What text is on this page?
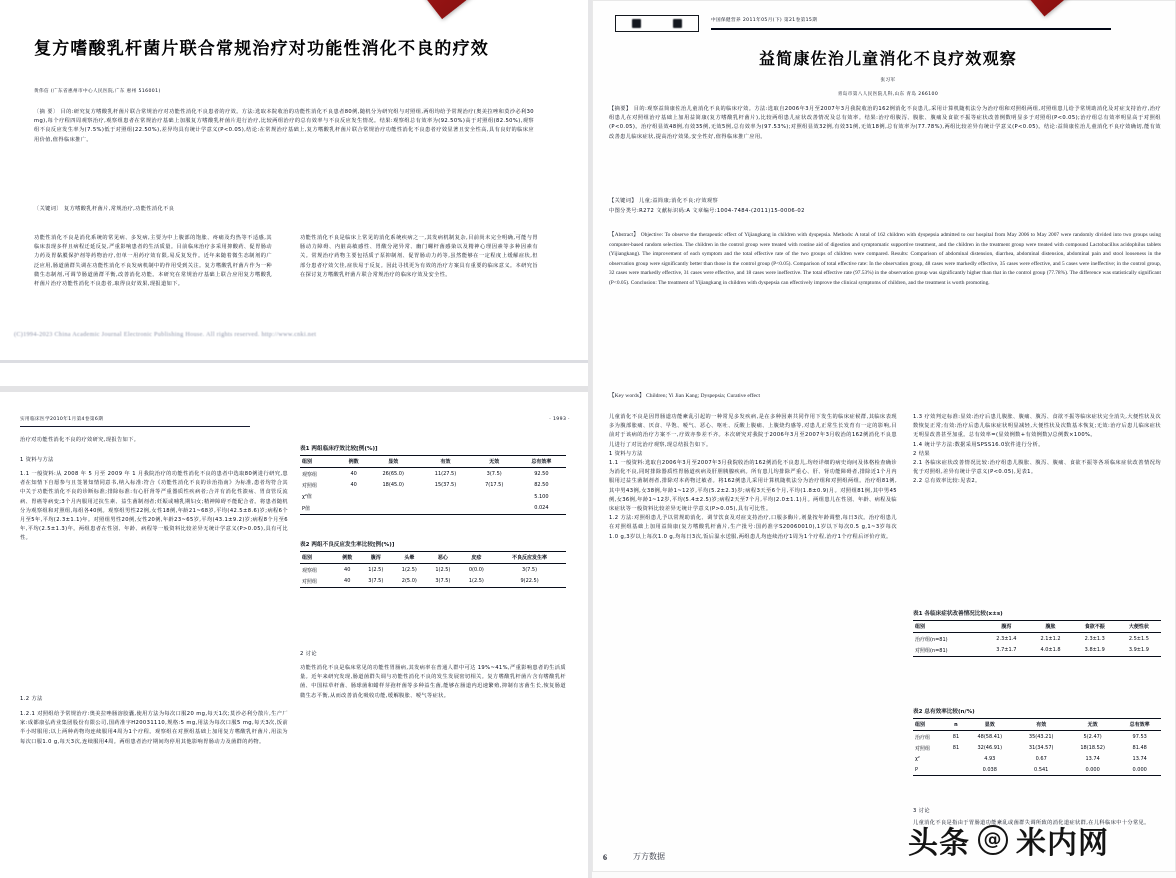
复方嗜酸乳杆菌片联合常规治疗对功能性消化不良的疗效
黄伟信 (广东省惠州市中心人民医院,广东 惠州 516001)
〔摘 要〕 目的:研究复方嗜酸乳杆菌片联合常规治疗对功能性消化不良患者的疗效。方法:选取本院收治的功能性消化不良患者80例,随机分为研究组与对照组,两组均给予常规治疗(奥美拉唑和莫沙必利30 mg),每个疗程四周观察治疗,观察组患者在常规治疗基础上加服复方嗜酸乳杆菌片进行治疗,比较两组治疗的总有效率与不良反应发生情况。结果:观察组总有效率为(92.50%)高于对照组(82.50%),观察组不良反应发生率为(7.5%)低于对照组(22.50%),差异均具有统计学意义(P<0.05),结论:在常规治疗基础上,复方嗜酸乳杆菌片联合常规治疗功能性消化不良患者疗效显著且安全性高,具有良好的临床应用价值,值得临床推广。
〔关键词〕 复方嗜酸乳杆菌片,常规治疗,功能性消化不良
功能性消化不良是消化系统的常见病、多发病,主要为中上腹部的饱胀、疼痛及灼热等不适感,其临床表现多样且病程迁延反复,严重影响患者的生活质量。目前临床治疗多采用抑酸药、促胃肠动力药及胃黏膜保护剂等药物治疗,但单一用药疗效有限,易反复发作。近年来随着微生态制剂的广泛应用,肠道菌群失调在功能性消化不良发病机制中的作用受到关注。复方嗜酸乳杆菌片作为一种微生态制剂,可调节肠道菌群平衡,改善消化功能。本研究在常规治疗基础上联合应用复方嗜酸乳杆菌片治疗功能性消化不良患者,取得良好效果,现报道如下。
功能性消化不良是临床上常见的消化系统疾病之一,其发病机制复杂,目前尚未完全明确,可能与胃肠动力障碍、内脏高敏感性、胃酸分泌异常、幽门螺杆菌感染以及精神心理因素等多种因素有关。常规治疗药物主要包括质子泵抑制剂、促胃肠动力药等,虽然能够在一定程度上缓解症状,但部分患者疗效欠佳,症状易于反复。因此寻找更为有效的治疗方案具有重要的临床意义。本研究旨在探讨复方嗜酸乳杆菌片联合常规治疗的临床疗效及安全性。
(C)1994-2023 China Academic Journal Electronic Publishing House. All rights reserved. http://www.cnki.net
实用临床医学2010年1月第4卷第6期	· 1993 ·
治疗对功能性消化不良的疗效研究,现报告如下。
1 资料与方法
1.1 一般资料:从 2008 年 5 月至 2009 年 1 月我院治疗的功能性消化不良的患者中选取80例进行研究,患者在知情下自愿参与且签署知情同意书,纳入标准:符合《功能性消化不良的诊治指南》为标准,患者均符合其中关于功能性消化不良的诊断标准;排除标准:有心肝肾等严重器质性疾病者;合并有消化性溃疡、胃食管反流病、胃癌等病变;3个月内服用过抗生素、益生菌制剂者;妊娠或哺乳期妇女;精神障碍不能配合者。将患者随机分为观察组和对照组,每组各40例。观察组男性22例,女性18例,年龄21~68岁,平均(42.5±8.6)岁;病程6个月至5年,平均(2.3±1.1)年。对照组男性20例,女性20例,年龄23~65岁,平均(43.1±9.2)岁;病程8个月至6年,平均(2.5±1.3)年。两组患者在性别、年龄、病程等一般资料比较差异无统计学意义(P>0.05),具有可比性。
1.2 方法
1.2.1 对照组给予常规治疗:奥美拉唑肠溶胶囊,使用方法为每次口服20 mg,每天1次;莫沙必利分散片,生产厂家:成都康弘药业集团股份有限公司,国药准字H20031110,规格:5 mg,用法为每次口服5 mg,每天3次,饭前半小时服用;以上两种药物均连续服用4周为1个疗程。观察组在对照组基础上加用复方嗜酸乳杆菌片,用法为每次口服1.0 g,每天3次,连续服用4周。两组患者治疗期间均停用其他影响胃肠动力及菌群的药物。
表1 两组临床疗效比较[例(%)]
组别	例数	显效	有效	无效	总有效率
观察组	40	26(65.0)	11(27.5)	3(7.5)	92.50
对照组	40	18(45.0)	15(37.5)	7(17.5)	82.50
χ²值					5.100
P值					0.024
表2 两组不良反应发生率比较[例(%)]
组别	例数	腹泻	头晕	恶心	皮疹	不良反应发生率
观察组	40	1(2.5)	1(2.5)	1(2.5)	0(0.0)	3(7.5)
对照组	40	3(7.5)	2(5.0)	3(7.5)	1(2.5)	9(22.5)
2 讨论
功能性消化不良是临床常见的功能性胃肠病,其发病率在普通人群中可达 19%~41%,严重影响患者的生活质量。近年来研究发现,肠道菌群失调与功能性消化不良的发生发展密切相关。复方嗜酸乳杆菌片含有嗜酸乳杆菌、中国枯草杆菌、肠球菌和蜡样芽孢杆菌等多种益生菌,能够在肠道内迅速繁殖,抑制有害菌生长,恢复肠道微生态平衡,从而改善消化吸收功能,缓解腹胀、嗳气等症状。
中国保健营养 2011年05月(下) 第21卷第15期
益简康佐治儿童消化不良疗效观察
张习军
青岛市第八人民医院儿科,山东 青岛 266100
【摘要】 目的:观察益简康佐治儿童消化不良的临床疗效。方法:选取自2006年3月至2007年3月我院收治的162例消化不良患儿,采用计算机随机法分为治疗组和对照组两组,对照组患儿给予常规助消化及对症支持治疗,治疗组患儿在对照组治疗基础上加用益简康(复方嗜酸乳杆菌片),比较两组患儿症状改善情况及总有效率。结果:治疗组腹泻、腹胀、腹痛及食欲不振等症状改善例数明显多于对照组(P<0.05);治疗组总有效率明显高于对照组(P<0.05)。治疗组显效48例,有效35例,无效5例,总有效率为(97.53%);对照组显效32例,有效31例,无效18例,总有效率为(77.78%),两组比较差异有统计学意义(P<0.05)。结论:益简康佐治儿童消化不良疗效确切,能有效改善患儿临床症状,提高治疗效果,安全性好,值得临床推广应用。
【关键词】 儿童;益简康;消化不良;疗效观察
中图分类号:R272 文献标识码:A 文章编号:1004-7484-(2011)15-0006-02
【Abstract】 Objective: To observe the therapeutic effect of Yijiangkang in children with dyspepsia. Methods: A total of 162 children with dyspepsia admitted to our hospital from May 2006 to May 2007 were randomly divided into two groups using computer-based random selection. The children in the control group were treated with routine aid of digestion and symptomatic supportive treatment, and the children in the treatment group were treated with compound Lactobacillus acidophilus tablets (Yijiangkang). The improvement of each symptom and the total effective rate of the two groups of children were compared. Results: Comparison of abdominal distension, diarrhea, abdominal distension, abdominal pain and stool looseness in the observation group were significantly better than those in the control group (P<0.05). Comparison of total effective rate: In the observation group, 48 cases were markedly effective, 35 cases were effective, and 5 cases were ineffective; in the control group, 32 cases were markedly effective, 31 cases were effective, and 18 cases were ineffective. The total effective rate (97.53%) in the observation group was significantly higher than that in the control group (77.78%). The difference was statistically significant (P<0.05). Conclusion: The treatment of Yijiangkang in children with dyspepsia can effectively improve the clinical symptoms of children, and the treatment is worth promoting.
【Key words】 Children; Yi Jian Kang; Dyspepsia; Curative effect
儿童消化不良是因胃肠道功能紊乱引起的一种常见多发疾病,是在多种因素共同作用下发生的临床症候群,其临床表现多为腹部胀痛、厌食、早饱、嗳气、恶心、呕吐、反酸上腹痛、上腹烧灼感等,对患儿正常生长发育有一定的影响,目前对于该病的治疗方案不一,疗效亦参差不齐。本次研究对我院于2006年3月至2007年3月收治的162例消化不良患儿进行了对比治疗观察,现总结报告如下。
1 资料与方法
1.1 一般资料:选取自2006年3月至2007年3月我院收治的162例消化不良患儿,均经详细的病史询问及体格检查确诊为消化不良,同时排除器质性胃肠道疾病及肝胆胰腺疾病。所有患儿均排除严重心、肝、肾功能障碍者,排除近1个月内服用过益生菌制剂者,排除对本药物过敏者。将162例患儿采用计算机随机法分为治疗组和对照组两组。治疗组81例,其中男43例,女38例,年龄1~12岁,平均(5.2±2.3)岁;病程3天至6个月,平均(1.8±0.9)月。对照组81例,其中男45例,女36例,年龄1~12岁,平均(5.4±2.5)岁;病程2天至7个月,平均(2.0±1.1)月。两组患儿在性别、年龄、病程及临床症状等一般资料比较差异无统计学意义(P>0.05),具有可比性。
1.2 方法:对照组患儿予以常规助消化、调节饮食及对症支持治疗,口服多酶片,剂量按年龄调整,每日3次。治疗组患儿在对照组基础上加用益简康(复方嗜酸乳杆菌片,生产批号:国药准字S20060010),1岁以下每次0.5 g,1~3岁每次1.0 g,3岁以上每次1.0 g,均每日3次,饭后温水送服,两组患儿均连续治疗1周为1个疗程,治疗1个疗程后评价疗效。
1.3 疗效判定标准:显效:治疗后患儿腹胀、腹痛、腹泻、食欲不振等临床症状完全消失,大便性状及次数恢复正常;有效:治疗后患儿临床症状明显减轻,大便性状及次数基本恢复;无效:治疗后患儿临床症状无明显改善甚至加重。总有效率=(显效例数+有效例数)/总例数×100%。
1.4 统计学方法:数据采用SPSS16.0软件进行分析。
2 结果
2.1 各临床症状改善情况比较:治疗组患儿腹胀、腹泻、腹痛、食欲不振等各项临床症状改善情况均优于对照组,差异有统计学意义(P<0.05),见表1。
2.2 总有效率比较:见表2。
表1 各临床症状改善情况比较(x±s)
组别	腹泻	腹胀	食欲不振	大便性状
治疗组(n=81)	2.3±1.4	2.1±1.2	2.3±1.3	2.5±1.5
对照组(n=81)	3.7±1.7	4.0±1.8	3.8±1.9	3.9±1.9
表2 总有效率比较(n/%)
组别	n	显效	有效	无效	总有效率
治疗组	81	48(58.41)	35(43.21)	5(2.47)	97.53
对照组	81	32(46.91)	31(34.57)	18(18.52)	81.48
χ²		4.93	0.67	13.74	13.74
P		0.038	0.541	0.000	0.000
3 讨论
儿童消化不良是指由于胃肠道功能紊乱或菌群失调所致的消化道症状群,在儿科临床中十分常见。
6	万方数据	头条 @ 米内网
